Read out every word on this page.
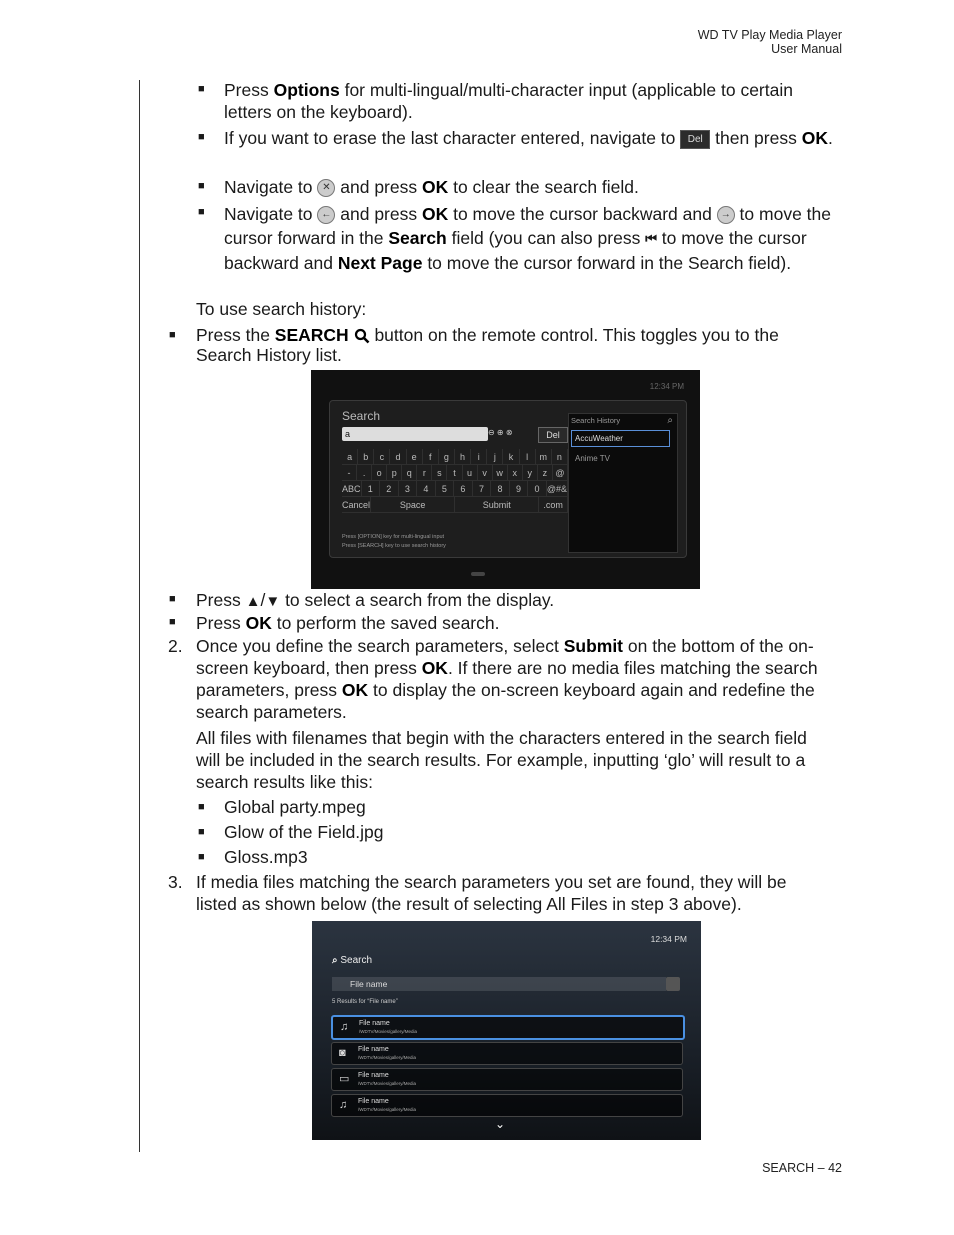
WD TV Play Media Player
User Manual
■ Press Options for multi-lingual/multi-character input (applicable to certain letters on the keyboard).
■ If you want to erase the last character entered, navigate to Del then press OK.
■ Navigate to ✕ and press OK to clear the search field.
■ Navigate to ← and press OK to move the cursor backward and → to move the cursor forward in the Search field (you can also press ⏮ to move the cursor backward and Next Page to move the cursor forward in the Search field).
To use search history:
■ Press the SEARCH  button on the remote control. This toggles you to the Search History list.
12:34 PM
Search
a	⊖ ⊕ ⊗	Del
a	b	c	d	e	f	g	h	i	j	k	l	m	n
-	.	o	p	q	r	s	t	u	v	w	x	y	z @
ABC 1	2	3	4	5	6	7	8	9	0 @#&
Cancel	Space	Submit	.com
Press [OPTION] key for multi-lingual input
Press [SEARCH] key to use search history
Search History	⌕
AccuWeather
Anime TV
■ Press ▲/▼ to select a search from the display.
■ Press OK to perform the saved search.
2. Once you define the search parameters, select Submit on the bottom of the on-screen keyboard, then press OK. If there are no media files matching the search parameters, press OK to display the on-screen keyboard again and redefine the search parameters.
All files with filenames that begin with the characters entered in the search field will be included in the search results. For example, inputting ‘glo’ will result to a search results like this:
■ Global party.mpeg
■ Glow of the Field.jpg
■ Gloss.mp3
3. If media files matching the search parameters you set are found, they will be listed as shown below (the result of selecting All Files in step 3 above).
12:34 PM
⌕ Search
File name
5 Results for “File name”
♫ File name
/WDTV/Movies/gallery/Media
◙ File name
/WDTV/Movies/gallery/Media
▭ File name
/WDTV/Movies/gallery/Media
♫ File name
/WDTV/Movies/gallery/Media
⌄
SEARCH – 42
